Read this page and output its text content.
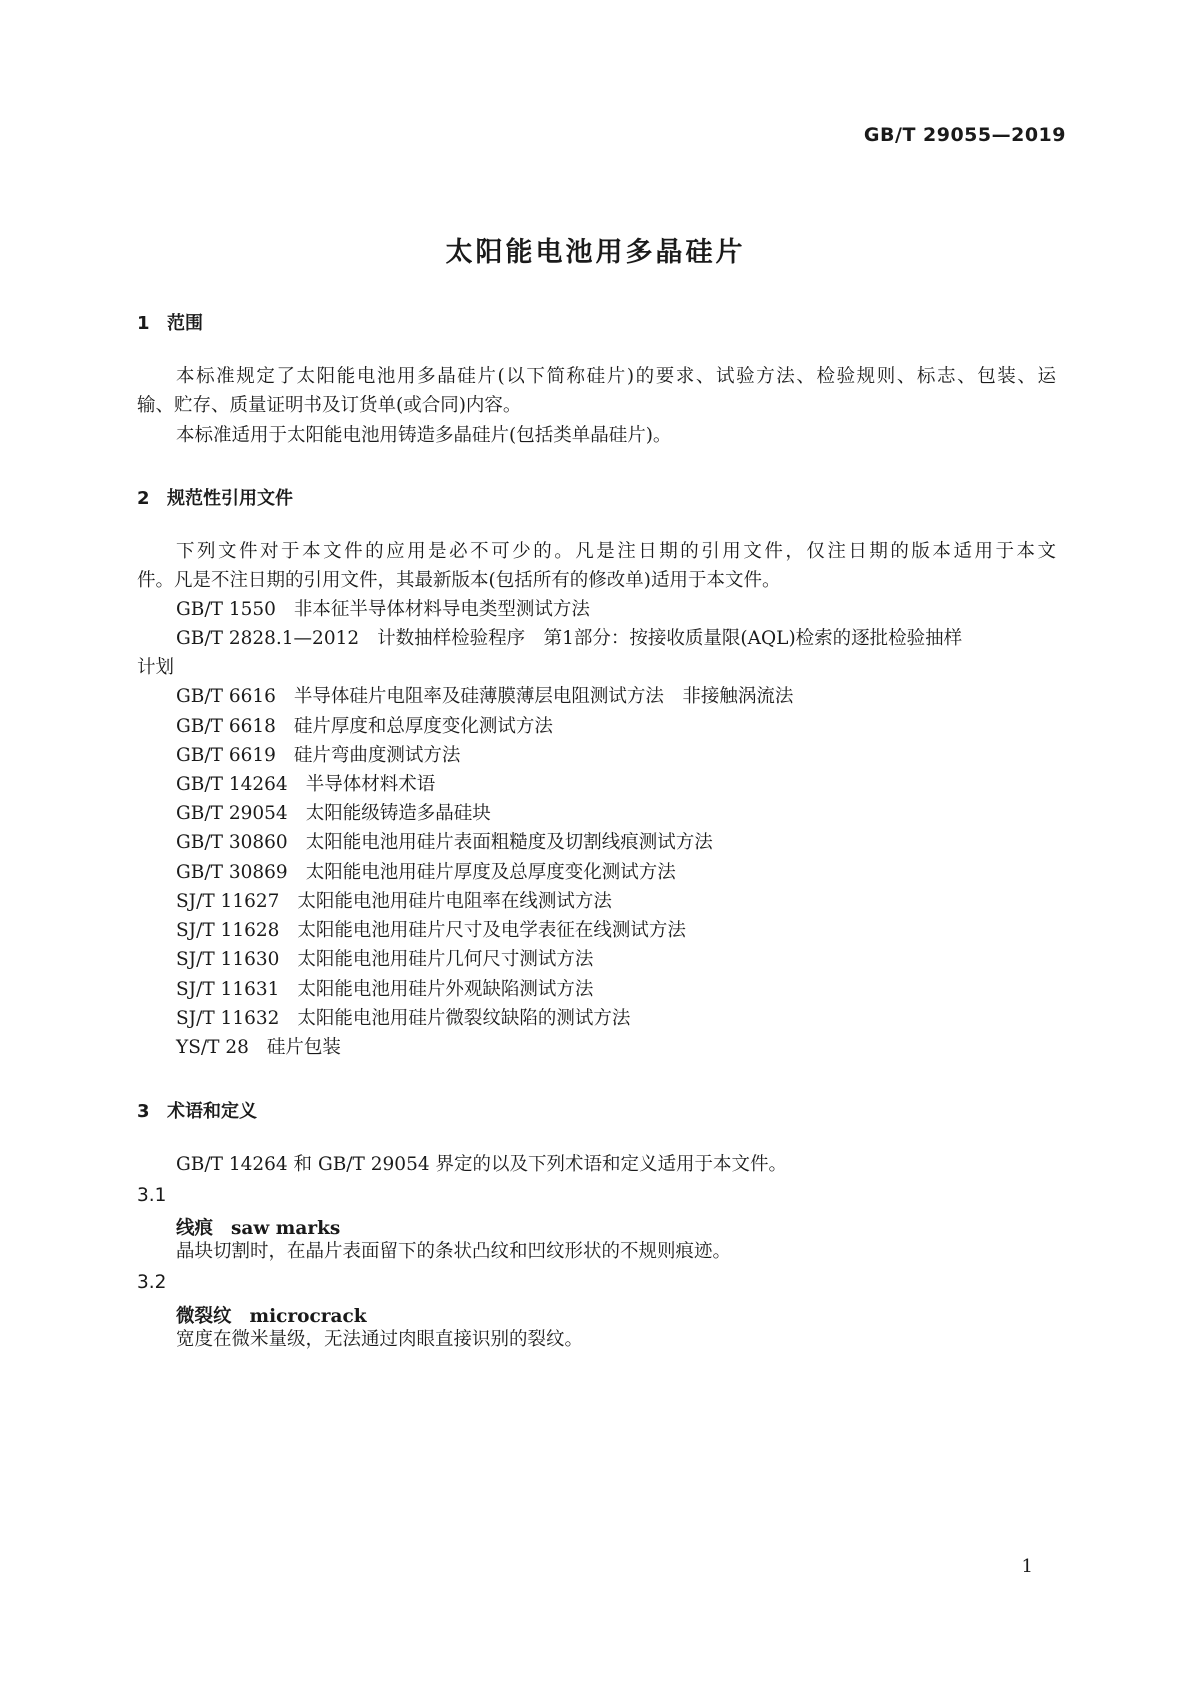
GB/T 29055—2019
太阳能电池用多晶硅片
1 范围
本标准规定了太阳能电池用多晶硅片(以下简称硅片)的要求、试验方法、检验规则、标志、包装、运
输、贮存、质量证明书及订货单(或合同)内容。
本标准适用于太阳能电池用铸造多晶硅片(包括类单晶硅片)。
2 规范性引用文件
下列文件对于本文件的应用是必不可少的。凡是注日期的引用文件，仅注日期的版本适用于本文
件。凡是不注日期的引用文件，其最新版本(包括所有的修改单)适用于本文件。
GB/T 1550 非本征半导体材料导电类型测试方法
GB/T 2828.1—2012 计数抽样检验程序　第1部分：按接收质量限(AQL)检索的逐批检验抽样
计划
GB/T 6616 半导体硅片电阻率及硅薄膜薄层电阻测试方法　非接触涡流法
GB/T 6618 硅片厚度和总厚度变化测试方法
GB/T 6619 硅片弯曲度测试方法
GB/T 14264 半导体材料术语
GB/T 29054 太阳能级铸造多晶硅块
GB/T 30860 太阳能电池用硅片表面粗糙度及切割线痕测试方法
GB/T 30869 太阳能电池用硅片厚度及总厚度变化测试方法
SJ/T 11627 太阳能电池用硅片电阻率在线测试方法
SJ/T 11628 太阳能电池用硅片尺寸及电学表征在线测试方法
SJ/T 11630 太阳能电池用硅片几何尺寸测试方法
SJ/T 11631 太阳能电池用硅片外观缺陷测试方法
SJ/T 11632 太阳能电池用硅片微裂纹缺陷的测试方法
YS/T 28 硅片包装
3 术语和定义
GB/T 14264 和 GB/T 29054 界定的以及下列术语和定义适用于本文件。
3.1
线痕 saw marks
晶块切割时，在晶片表面留下的条状凸纹和凹纹形状的不规则痕迹。
3.2
微裂纹 microcrack
宽度在微米量级，无法通过肉眼直接识别的裂纹。
1
